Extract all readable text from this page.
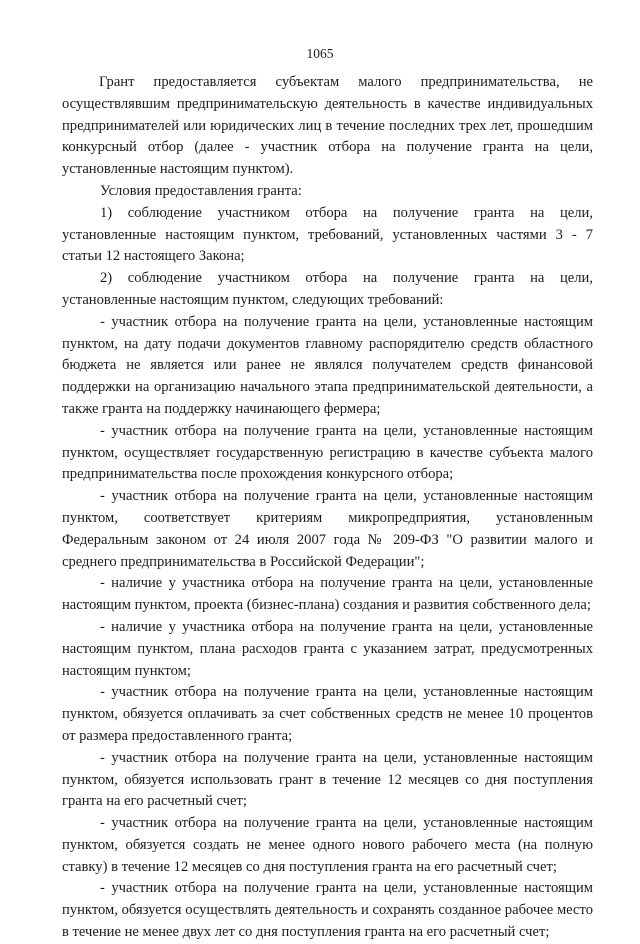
1065

Грант предоставляется субъектам малого предпринимательства, не осуществлявшим предпринимательскую деятельность в качестве индивидуальных предпринимателей или юридических лиц в течение последних трех лет, прошедшим конкурсный отбор (далее - участник отбора на получение гранта на цели, установленные настоящим пунктом).

Условия предоставления гранта:

1) соблюдение участником отбора на получение гранта на цели, установленные настоящим пунктом, требований, установленных частями 3 - 7 статьи 12 настоящего Закона;

2) соблюдение участником отбора на получение гранта на цели, установленные настоящим пунктом, следующих требований:

- участник отбора на получение гранта на цели, установленные настоящим пунктом, на дату подачи документов главному распорядителю средств областного бюджета не является или ранее не являлся получателем средств финансовой поддержки на организацию начального этапа предпринимательской деятельности, а также гранта на поддержку начинающего фермера;

- участник отбора на получение гранта на цели, установленные настоящим пунктом, осуществляет государственную регистрацию в качестве субъекта малого предпринимательства после прохождения конкурсного отбора;

- участник отбора на получение гранта на цели, установленные настоящим пунктом, соответствует критериям микропредприятия, установленным Федеральным законом от 24 июля 2007 года № 209-ФЗ "О развитии малого и среднего предпринимательства в Российской Федерации";

- наличие у участника отбора на получение гранта на цели, установленные настоящим пунктом, проекта (бизнес-плана) создания и развития собственного дела;

- наличие у участника отбора на получение гранта на цели, установленные настоящим пунктом, плана расходов гранта с указанием затрат, предусмотренных настоящим пунктом;

- участник отбора на получение гранта на цели, установленные настоящим пунктом, обязуется оплачивать за счет собственных средств не менее 10 процентов от размера предоставленного гранта;

- участник отбора на получение гранта на цели, установленные настоящим пунктом, обязуется использовать грант в течение 12 месяцев со дня поступления гранта на его расчетный счет;

- участник отбора на получение гранта на цели, установленные настоящим пунктом, обязуется создать не менее одного нового рабочего места (на полную ставку) в течение 12 месяцев со дня поступления гранта на его расчетный счет;

- участник отбора на получение гранта на цели, установленные настоящим пунктом, обязуется осуществлять деятельность и сохранять созданное рабочее место в течение не менее двух лет со дня поступления гранта на его расчетный счет;
